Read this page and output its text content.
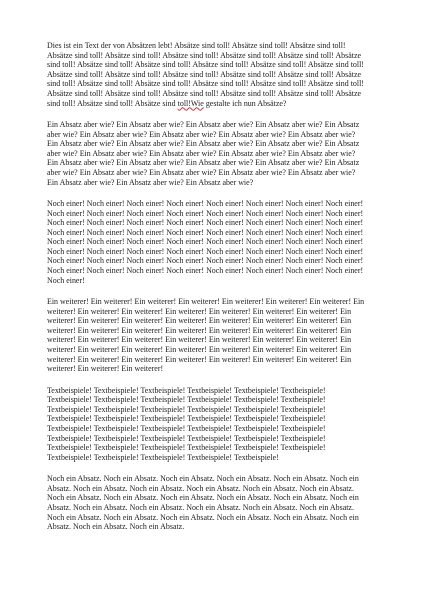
Dies ist ein Text der von Absätzen lebt! Absätze sind toll! Absätze sind toll! Absätze sind toll! Absätze sind toll! Absätze sind toll! Absätze sind toll! Absätze sind toll! Absätze sind toll! Absätze sind toll! Absätze sind toll! Absätze sind toll! Absätze sind toll! Absätze sind toll! Absätze sind toll! Absätze sind toll! Absätze sind toll! Absätze sind toll! Absätze sind toll! Absätze sind toll! Absätze sind toll! Absätze sind toll! Absätze sind toll! Absätze sind toll! Absätze sind toll! Absätze sind toll! Absätze sind toll! Absätze sind toll! Absätze sind toll! Absätze sind toll! Absätze sind toll! Absätze sind toll! Absätze sind toll! Absätze sind toll!Wie gestalte ich nun Absätze?

Ein Absatz aber wie? Ein Absatz aber wie? Ein Absatz aber wie? Ein Absatz aber wie? Ein Absatz aber wie? Ein Absatz aber wie? Ein Absatz aber wie? Ein Absatz aber wie? Ein Absatz aber wie? Ein Absatz aber wie? Ein Absatz aber wie? Ein Absatz aber wie? Ein Absatz aber wie? Ein Absatz aber wie? Ein Absatz aber wie? Ein Absatz aber wie? Ein Absatz aber wie? Ein Absatz aber wie? Ein Absatz aber wie? Ein Absatz aber wie? Ein Absatz aber wie? Ein Absatz aber wie? Ein Absatz aber wie? Ein Absatz aber wie? Ein Absatz aber wie? Ein Absatz aber wie? Ein Absatz aber wie? Ein Absatz aber wie? Ein Absatz aber wie? Ein Absatz aber wie?

Noch einer! Noch einer! Noch einer! Noch einer! Noch einer! Noch einer! Noch einer! Noch einer! Noch einer! Noch einer! Noch einer! Noch einer! Noch einer! Noch einer! Noch einer! Noch einer! Noch einer! Noch einer! Noch einer! Noch einer! Noch einer! Noch einer! Noch einer! Noch einer! Noch einer! Noch einer! Noch einer! Noch einer! Noch einer! Noch einer! Noch einer! Noch einer! Noch einer! Noch einer! Noch einer! Noch einer! Noch einer! Noch einer! Noch einer! Noch einer! Noch einer! Noch einer! Noch einer! Noch einer! Noch einer! Noch einer! Noch einer! Noch einer! Noch einer! Noch einer! Noch einer! Noch einer! Noch einer! Noch einer! Noch einer! Noch einer! Noch einer! Noch einer! Noch einer! Noch einer! Noch einer! Noch einer! Noch einer! Noch einer! Noch einer!

Ein weiterer! Ein weiterer! Ein weiterer! Ein weiterer! Ein weiterer! Ein weiterer! Ein weiterer! Ein weiterer! Ein weiterer! Ein weiterer! Ein weiterer! Ein weiterer! Ein weiterer! Ein weiterer! Ein weiterer! Ein weiterer! Ein weiterer! Ein weiterer! Ein weiterer! Ein weiterer! Ein weiterer! Ein weiterer! Ein weiterer! Ein weiterer! Ein weiterer! Ein weiterer! Ein weiterer! Ein weiterer! Ein weiterer! Ein weiterer! Ein weiterer! Ein weiterer! Ein weiterer! Ein weiterer! Ein weiterer! Ein weiterer! Ein weiterer! Ein weiterer! Ein weiterer! Ein weiterer! Ein weiterer! Ein weiterer! Ein weiterer! Ein weiterer! Ein weiterer! Ein weiterer! Ein weiterer! Ein weiterer! Ein weiterer! Ein weiterer! Ein weiterer! Ein weiterer!

Textbeispiele! Textbeispiele! Textbeispiele! Textbeispiele! Textbeispiele! Textbeispiele! Textbeispiele! Textbeispiele! Textbeispiele! Textbeispiele! Textbeispiele! Textbeispiele! Textbeispiele! Textbeispiele! Textbeispiele! Textbeispiele! Textbeispiele! Textbeispiele! Textbeispiele! Textbeispiele! Textbeispiele! Textbeispiele! Textbeispiele! Textbeispiele! Textbeispiele! Textbeispiele! Textbeispiele! Textbeispiele! Textbeispiele! Textbeispiele! Textbeispiele! Textbeispiele! Textbeispiele! Textbeispiele! Textbeispiele! Textbeispiele! Textbeispiele! Textbeispiele! Textbeispiele! Textbeispiele! Textbeispiele! Textbeispiele! Textbeispiele! Textbeispiele! Textbeispiele! Textbeispiele! Textbeispiele!

Noch ein Absatz. Noch ein Absatz. Noch ein Absatz. Noch ein Absatz. Noch ein Absatz. Noch ein Absatz. Noch ein Absatz. Noch ein Absatz. Noch ein Absatz. Noch ein Absatz. Noch ein Absatz. Noch ein Absatz. Noch ein Absatz. Noch ein Absatz. Noch ein Absatz. Noch ein Absatz. Noch ein Absatz. Noch ein Absatz. Noch ein Absatz. Noch ein Absatz. Noch ein Absatz. Noch ein Absatz. Noch ein Absatz. Noch ein Absatz. Noch ein Absatz. Noch ein Absatz. Noch ein Absatz. Noch ein Absatz. Noch ein Absatz. Noch ein Absatz.
